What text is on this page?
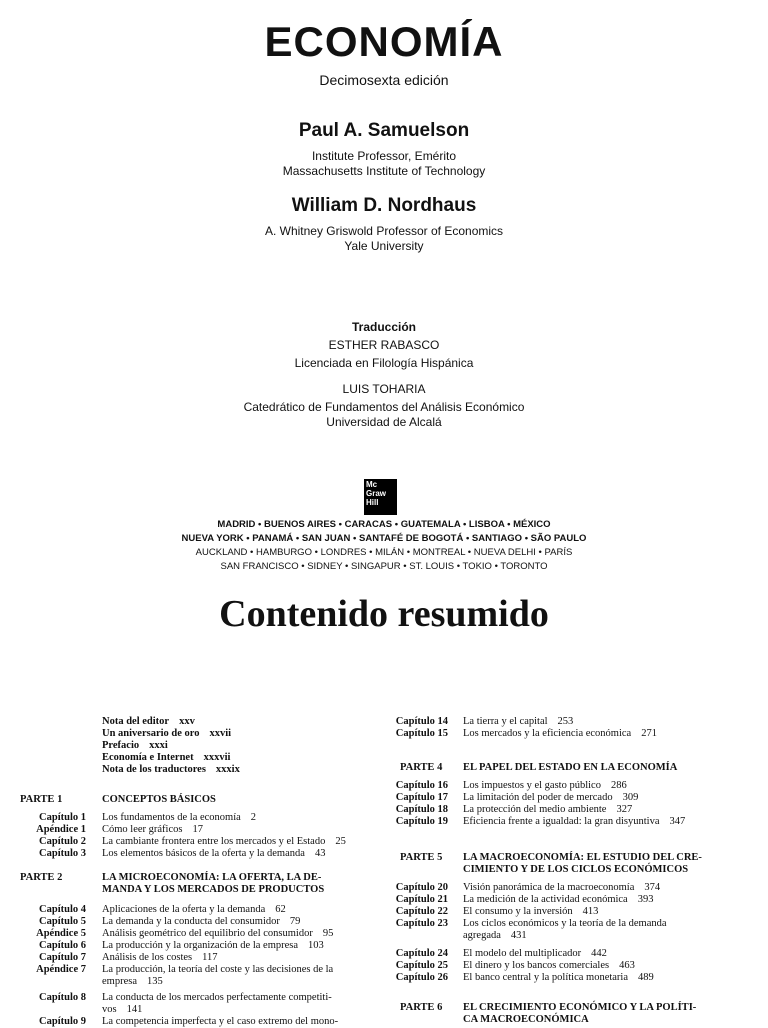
ECONOMÍA
Decimosexta edición
Paul A. Samuelson
Institute Professor, Emérito
Massachusetts Institute of Technology
William D. Nordhaus
A. Whitney Griswold Professor of Economics
Yale University
Traducción
ESTHER RABASCO
Licenciada en Filología Hispánica
LUIS TOHARIA
Catedrático de Fundamentos del Análisis Económico
Universidad de Alcalá
Mc
Graw
Hill
MADRID • BUENOS AIRES • CARACAS • GUATEMALA • LISBOA • MÉXICO
NUEVA YORK • PANAMÁ • SAN JUAN • SANTAFÉ DE BOGOTÁ • SANTIAGO • SÃO PAULO
AUCKLAND • HAMBURGO • LONDRES • MILÁN • MONTREAL • NUEVA DELHI • PARÍS
SAN FRANCISCO • SIDNEY • SINGAPUR • ST. LOUIS • TOKIO • TORONTO
Contenido resumido
Nota del editor xxv
Un aniversario de oro xxvii
Prefacio xxxi
Economía e Internet xxxvii
Nota de los traductores xxxix
PARTE 1	CONCEPTOS BÁSICOS
Capítulo 1 Los fundamentos de la economía 2
Apéndice 1 Cómo leer gráficos 17
Capítulo 2 La cambiante frontera entre los mercados y el Estado 25
Capítulo 3 Los elementos básicos de la oferta y la demanda 43
PARTE 2	LA MICROECONOMÍA: LA OFERTA, LA DE-
MANDA Y LOS MERCADOS DE PRODUCTOS
Capítulo 4 Aplicaciones de la oferta y la demanda 62
Capítulo 5 La demanda y la conducta del consumidor 79
Apéndice 5 Análisis geométrico del equilibrio del consumidor 95
Capítulo 6 La producción y la organización de la empresa 103
Capítulo 7 Análisis de los costes 117
Apéndice 7 La producción, la teoría del coste y las decisiones de la
empresa 135
Capítulo 8 La conducta de los mercados perfectamente competiti-
vos 141
Capítulo 9 La competencia imperfecta y el caso extremo del mono-
Capítulo 14 La tierra y el capital 253
Capítulo 15 Los mercados y la eficiencia económica 271
PARTE 4	EL PAPEL DEL ESTADO EN LA ECONOMÍA
Capítulo 16 Los impuestos y el gasto público 286
Capítulo 17 La limitación del poder de mercado 309
Capítulo 18 La protección del medio ambiente 327
Capítulo 19 Eficiencia frente a igualdad: la gran disyuntiva 347
PARTE 5	LA MACROECONOMÍA: EL ESTUDIO DEL CRE-
CIMIENTO Y DE LOS CICLOS ECONÓMICOS
Capítulo 20 Visión panorámica de la macroeconomía 374
Capítulo 21 La medición de la actividad económica 393
Capítulo 22 El consumo y la inversión 413
Capítulo 23 Los ciclos económicos y la teoría de la demanda
agregada 431
Capítulo 24 El modelo del multiplicador 442
Capítulo 25 El dinero y los bancos comerciales 463
Capítulo 26 El banco central y la política monetaria 489
PARTE 6	EL CRECIMIENTO ECONÓMICO Y LA POLÍTI-
CA MACROECONÓMICA
